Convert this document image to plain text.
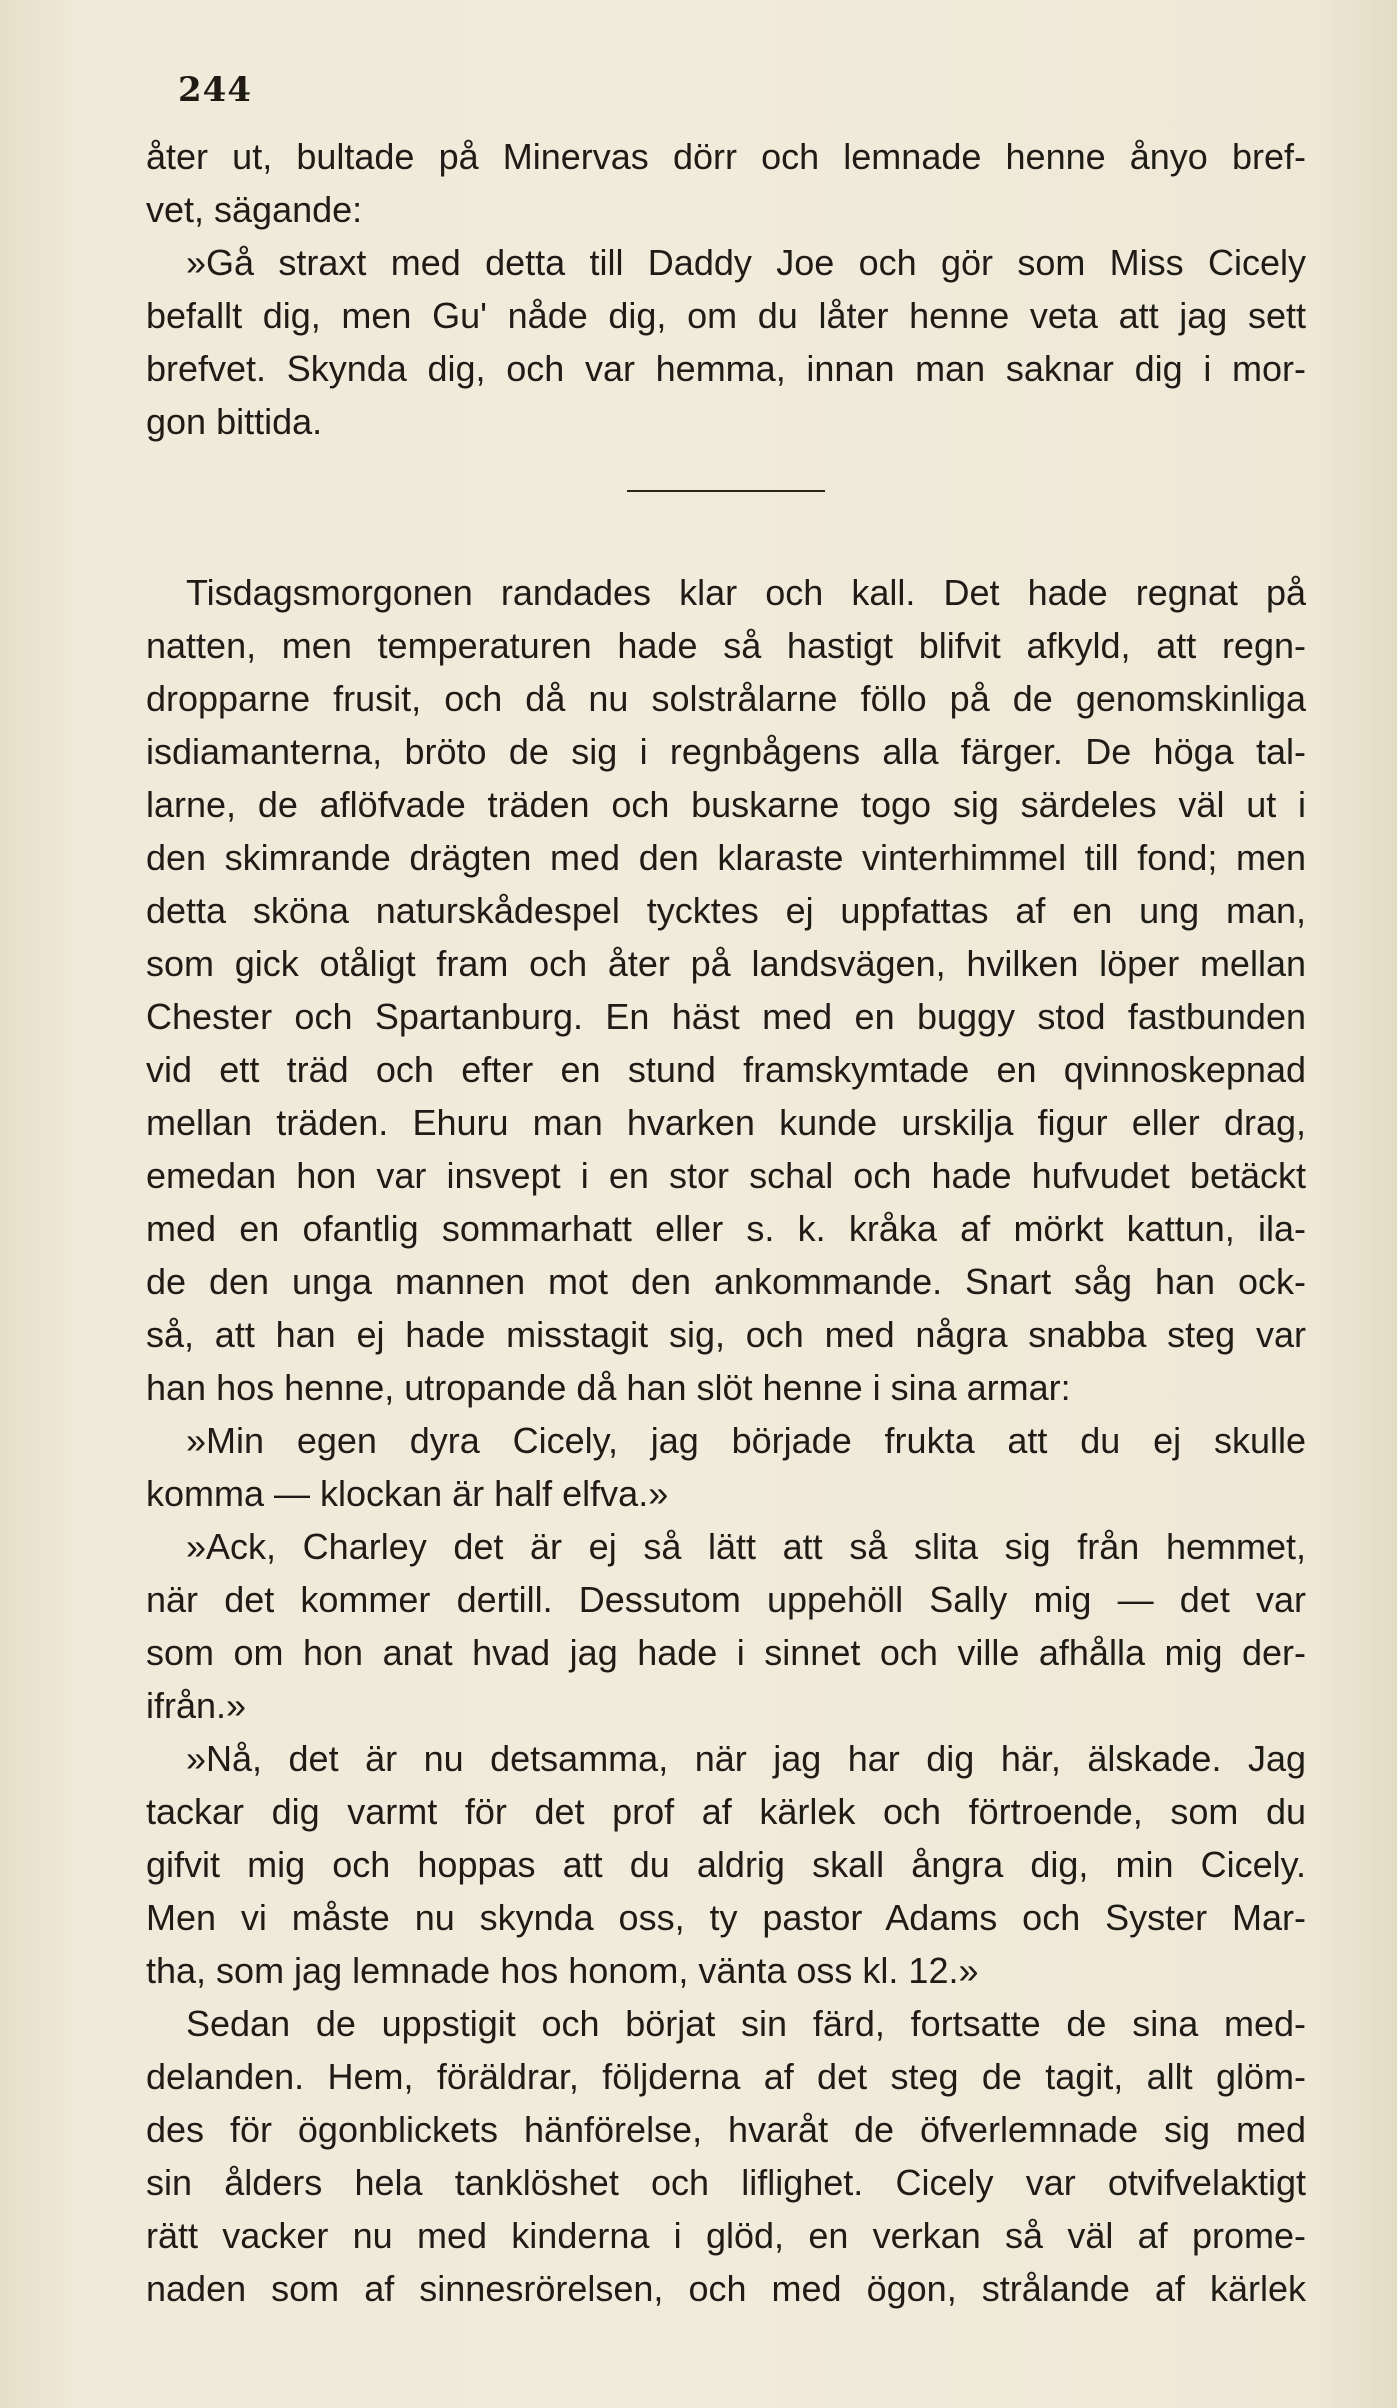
244
åter ut, bultade på Minervas dörr och lemnade henne ånyo bref-
vet, sägande:
»Gå straxt med detta till Daddy Joe och gör som Miss Cicely
befallt dig, men Gu' nåde dig, om du låter henne veta att jag sett
brefvet. Skynda dig, och var hemma, innan man saknar dig i mor-
gon bittida.
Tisdagsmorgonen randades klar och kall. Det hade regnat på
natten, men temperaturen hade så hastigt blifvit afkyld, att regn-
dropparne frusit, och då nu solstrålarne föllo på de genomskinliga
isdiamanterna, bröto de sig i regnbågens alla färger. De höga tal-
larne, de aflöfvade träden och buskarne togo sig särdeles väl ut i
den skimrande drägten med den klaraste vinterhimmel till fond; men
detta sköna naturskådespel tycktes ej uppfattas af en ung man,
som gick otåligt fram och åter på landsvägen, hvilken löper mellan
Chester och Spartanburg. En häst med en buggy stod fastbunden
vid ett träd och efter en stund framskymtade en qvinnoskepnad
mellan träden. Ehuru man hvarken kunde urskilja figur eller drag,
emedan hon var insvept i en stor schal och hade hufvudet betäckt
med en ofantlig sommarhatt eller s. k. kråka af mörkt kattun, ila-
de den unga mannen mot den ankommande. Snart såg han ock-
så, att han ej hade misstagit sig, och med några snabba steg var
han hos henne, utropande då han slöt henne i sina armar:
»Min egen dyra Cicely, jag började frukta att du ej skulle
komma — klockan är half elfva.»
»Ack, Charley det är ej så lätt att så slita sig från hemmet,
när det kommer dertill. Dessutom uppehöll Sally mig — det var
som om hon anat hvad jag hade i sinnet och ville afhålla mig der-
ifrån.»
»Nå, det är nu detsamma, när jag har dig här, älskade. Jag
tackar dig varmt för det prof af kärlek och förtroende, som du
gifvit mig och hoppas att du aldrig skall ångra dig, min Cicely.
Men vi måste nu skynda oss, ty pastor Adams och Syster Mar-
tha, som jag lemnade hos honom, vänta oss kl. 12.»
Sedan de uppstigit och börjat sin färd, fortsatte de sina med-
delanden. Hem, föräldrar, följderna af det steg de tagit, allt glöm-
des för ögonblickets hänförelse, hvaråt de öfverlemnade sig med
sin ålders hela tanklöshet och liflighet. Cicely var otvifvelaktigt
rätt vacker nu med kinderna i glöd, en verkan så väl af prome-
naden som af sinnesrörelsen, och med ögon, strålande af kärlek
